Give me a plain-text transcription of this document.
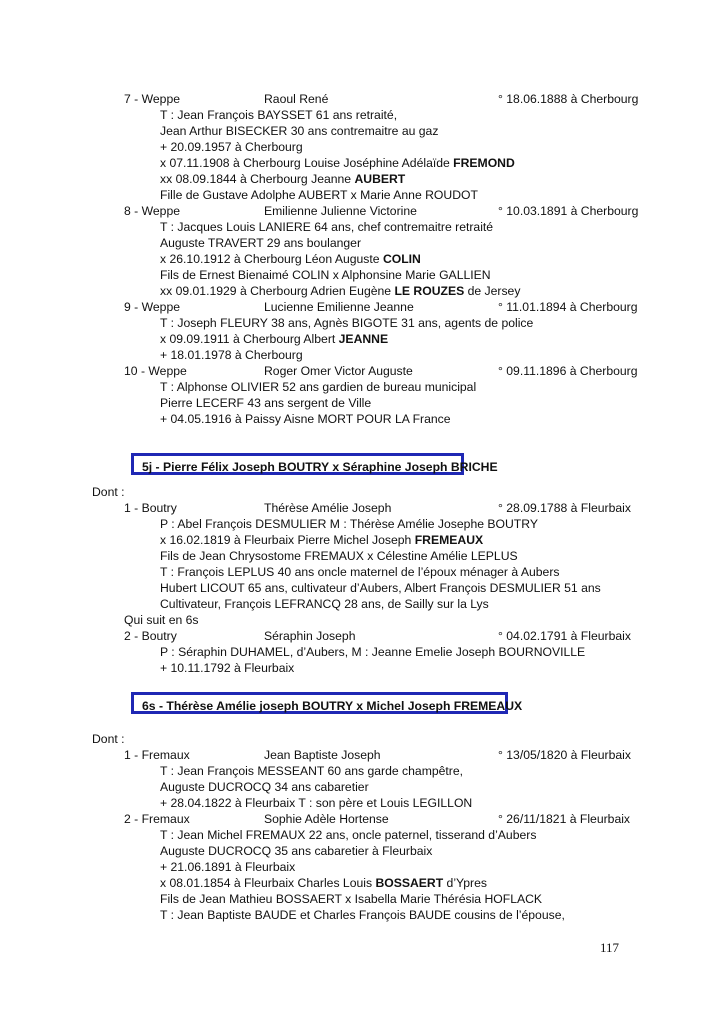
7 - Weppe	Raoul René	° 18.06.1888 à Cherbourg
T : Jean François BAYSSET 61 ans retraité,
Jean Arthur BISECKER 30 ans contremaitre au gaz
+ 20.09.1957 à Cherbourg
x 07.11.1908 à Cherbourg Louise Joséphine Adélaïde FREMOND
xx 08.09.1844 à Cherbourg Jeanne AUBERT
Fille de Gustave Adolphe AUBERT x Marie Anne ROUDOT
8 - Weppe	Emilienne Julienne Victorine	° 10.03.1891 à Cherbourg
T : Jacques Louis LANIERE 64 ans, chef contremaitre retraité
Auguste TRAVERT 29 ans boulanger
x 26.10.1912 à Cherbourg Léon Auguste COLIN
Fils de Ernest Bienaimé COLIN x Alphonsine Marie GALLIEN
xx 09.01.1929 à Cherbourg Adrien Eugène LE ROUZES de Jersey
9 - Weppe	Lucienne Emilienne Jeanne	° 11.01.1894 à Cherbourg
T : Joseph FLEURY 38 ans, Agnès BIGOTE 31 ans, agents de police
x 09.09.1911 à Cherbourg Albert JEANNE
+ 18.01.1978 à Cherbourg
10 - Weppe	Roger Omer Victor Auguste	° 09.11.1896 à Cherbourg
T : Alphonse OLIVIER 52 ans gardien de bureau municipal
Pierre LECERF 43 ans sergent de Ville
+ 04.05.1916 à Paissy Aisne MORT POUR LA France
5j - Pierre Félix Joseph BOUTRY x Séraphine Joseph BRICHE
Dont :
1 - Boutry	Thérèse Amélie Joseph	° 28.09.1788 à Fleurbaix
P : Abel François DESMULIER M : Thérèse Amélie Josephe BOUTRY
x 16.02.1819 à Fleurbaix Pierre Michel Joseph FREMEAUX
Fils de Jean Chrysostome FREMAUX x Célestine Amélie LEPLUS
T : François LEPLUS 40 ans oncle maternel de l’époux ménager à Aubers
Hubert LICOUT 65 ans, cultivateur d’Aubers, Albert François DESMULIER 51 ans
Cultivateur, François LEFRANCQ 28 ans, de Sailly sur la Lys
Qui suit en 6s
2 - Boutry	Séraphin Joseph	° 04.02.1791 à Fleurbaix
P : Séraphin DUHAMEL, d’Aubers, M : Jeanne Emelie Joseph BOURNOVILLE
+ 10.11.1792 à Fleurbaix
6s - Thérèse Amélie joseph BOUTRY x Michel Joseph FREMEAUX
Dont :
1 - Fremaux	Jean Baptiste Joseph	° 13/05/1820 à Fleurbaix
T : Jean François MESSEANT 60 ans garde champêtre,
Auguste DUCROCQ 34 ans cabaretier
+ 28.04.1822 à Fleurbaix T : son père et Louis LEGILLON
2 - Fremaux	Sophie Adèle Hortense	° 26/11/1821 à Fleurbaix
T : Jean Michel FREMAUX 22 ans, oncle paternel, tisserand d’Aubers
Auguste DUCROCQ 35 ans cabaretier à Fleurbaix
+ 21.06.1891 à Fleurbaix
x 08.01.1854 à Fleurbaix Charles Louis BOSSAERT d’Ypres
Fils de Jean Mathieu BOSSAERT x Isabella Marie Thérésia HOFLACK
T : Jean Baptiste BAUDE et Charles François BAUDE cousins de l’épouse,
117
